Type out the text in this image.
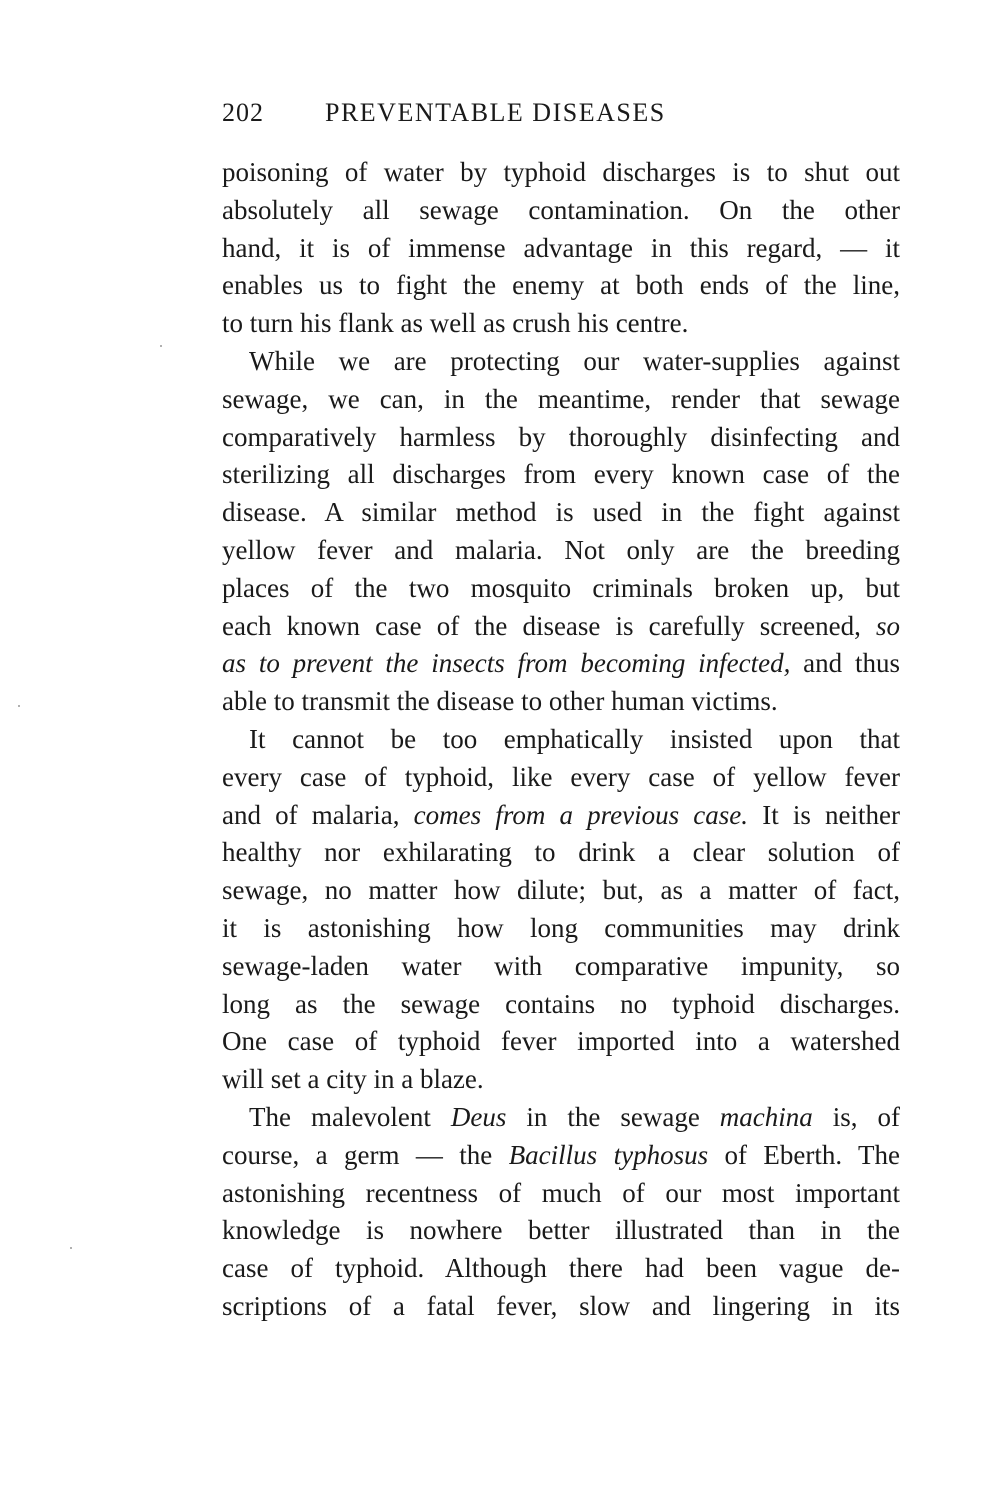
202 PREVENTABLE DISEASES
poisoning of water by typhoid discharges is to shut out
absolutely all sewage contamination. On the other
hand, it is of immense advantage in this regard, — it
enables us to fight the enemy at both ends of the line,
to turn his flank as well as crush his centre.
While we are protecting our water-supplies against
sewage, we can, in the meantime, render that sewage
comparatively harmless by thoroughly disinfecting and
sterilizing all discharges from every known case of the
disease. A similar method is used in the fight against
yellow fever and malaria. Not only are the breeding
places of the two mosquito criminals broken up, but
each known case of the disease is carefully screened, so
as to prevent the insects from becoming infected, and thus
able to transmit the disease to other human victims.
It cannot be too emphatically insisted upon that
every case of typhoid, like every case of yellow fever
and of malaria, comes from a previous case. It is neither
healthy nor exhilarating to drink a clear solution of
sewage, no matter how dilute; but, as a matter of fact,
it is astonishing how long communities may drink
sewage-laden water with comparative impunity, so
long as the sewage contains no typhoid discharges.
One case of typhoid fever imported into a watershed
will set a city in a blaze.
The malevolent Deus in the sewage machina is, of
course, a germ — the Bacillus typhosus of Eberth. The
astonishing recentness of much of our most important
knowledge is nowhere better illustrated than in the
case of typhoid. Although there had been vague de-
scriptions of a fatal fever, slow and lingering in its
